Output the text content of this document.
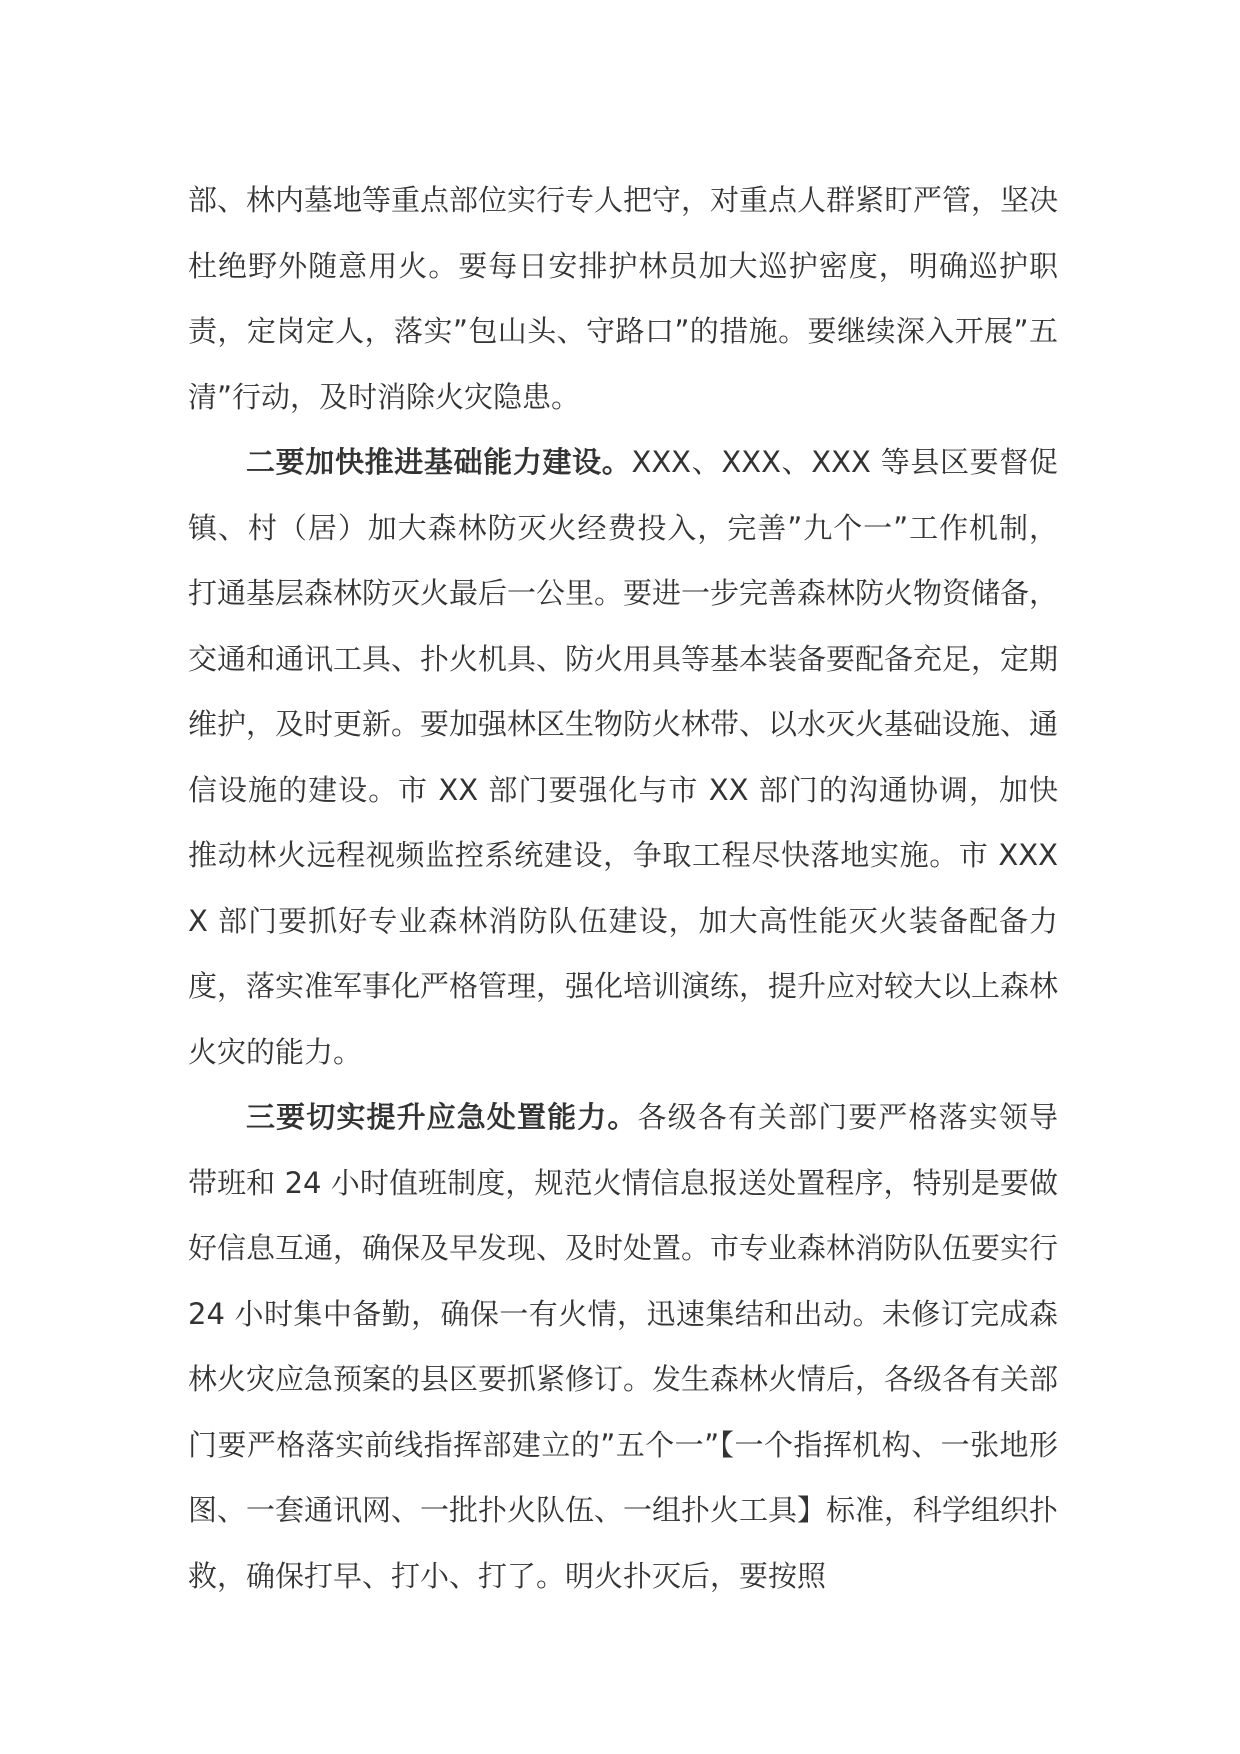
部、林内墓地等重点部位实行专人把守，对重点人群紧盯严管，坚决杜绝野外随意用火。要每日安排护林员加大巡护密度，明确巡护职责，定岗定人，落实”包山头、守路口”的措施。要继续深入开展”五清”行动，及时消除火灾隐患。

二要加快推进基础能力建设。XXX、XXX、XXX 等县区要督促镇、村（居）加大森林防灭火经费投入，完善”九个一”工作机制，打通基层森林防灭火最后一公里。要进一步完善森林防火物资储备，交通和通讯工具、扑火机具、防火用具等基本装备要配备充足，定期维护，及时更新。要加强林区生物防火林带、以水灭火基础设施、通信设施的建设。市 XX 部门要强化与市 XX 部门的沟通协调，加快推动林火远程视频监控系统建设，争取工程尽快落地实施。市 XXXX 部门要抓好专业森林消防队伍建设，加大高性能灭火装备配备力度，落实准军事化严格管理，强化培训演练，提升应对较大以上森林火灾的能力。

三要切实提升应急处置能力。各级各有关部门要严格落实领导带班和 24 小时值班制度，规范火情信息报送处置程序，特别是要做好信息互通，确保及早发现、及时处置。市专业森林消防队伍要实行 24 小时集中备勤，确保一有火情，迅速集结和出动。未修订完成森林火灾应急预案的县区要抓紧修订。发生森林火情后，各级各有关部门要严格落实前线指挥部建立的”五个一”【一个指挥机构、一张地形图、一套通讯网、一批扑火队伍、一组扑火工具】标准，科学组织扑救，确保打早、打小、打了。明火扑灭后，要按照
